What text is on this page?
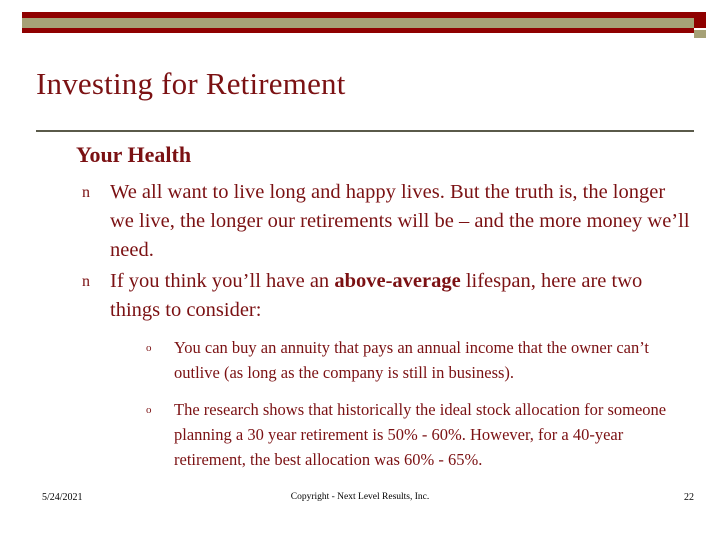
Investing for Retirement
Your Health
n We all want to live long and happy lives. But the truth is, the longer we live, the longer our retirements will be – and the more money we’ll need.
n If you think you’ll have an above-average lifespan, here are two things to consider:
o	You can buy an annuity that pays an annual income that the owner can’t outlive (as long as the company is still in business).
o	The research shows that historically the ideal stock allocation for someone planning a 30 year retirement is 50% - 60%. However, for a 40-year retirement, the best allocation was 60% - 65%.
5/24/2021	Copyright - Next Level Results, Inc.	22
